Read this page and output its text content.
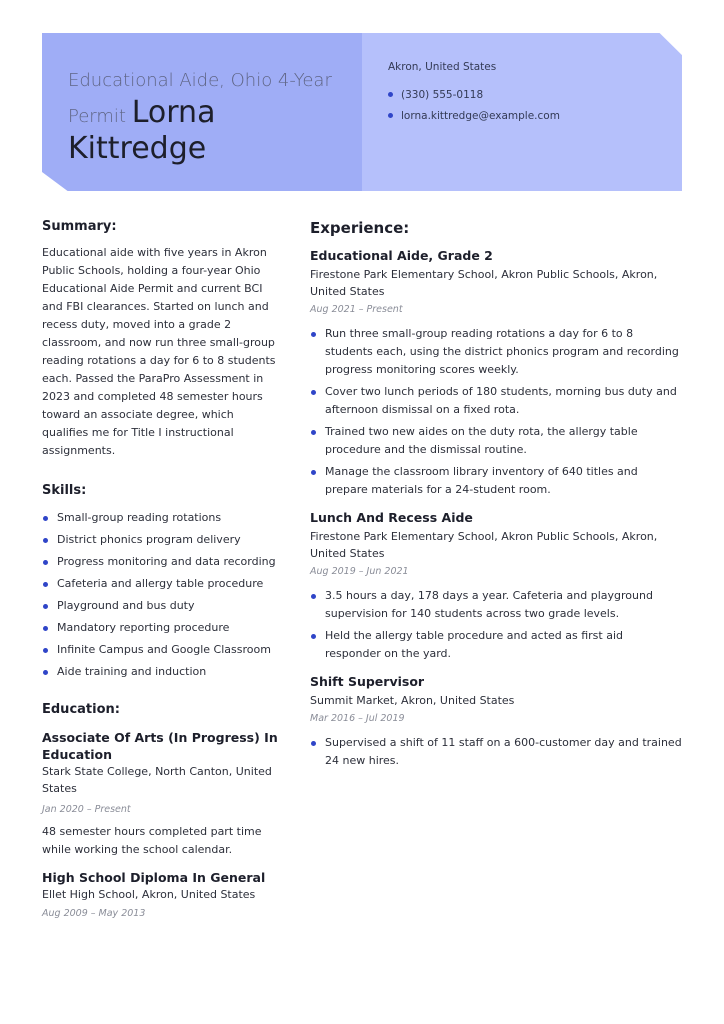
Educational Aide, Ohio 4-Year Permit Lorna Kittredge
Akron, United States
(330) 555-0118
lorna.kittredge@example.com
Summary:

Educational aide with five years in Akron Public Schools, holding a four-year Ohio Educational Aide Permit and current BCI and FBI clearances. Started on lunch and recess duty, moved into a grade 2 classroom, and now run three small-group reading rotations a day for 6 to 8 students each. Passed the ParaPro Assessment in 2023 and completed 48 semester hours toward an associate degree, which qualifies me for Title I instructional assignments.

Skills:
Small-group reading rotations
District phonics program delivery
Progress monitoring and data recording
Cafeteria and allergy table procedure
Playground and bus duty
Mandatory reporting procedure
Infinite Campus and Google Classroom
Aide training and induction
Education:
Associate Of Arts (In Progress) In Education
Stark State College, North Canton, United States
Jan 2020 – Present

48 semester hours completed part time while working the school calendar.

High School Diploma In General
Ellet High School, Akron, United States
Aug 2009 – May 2013
Experience:
Educational Aide, Grade 2
Firestone Park Elementary School, Akron Public Schools, Akron, United States
Aug 2021 – Present
Run three small-group reading rotations a day for 6 to 8 students each, using the district phonics program and recording progress monitoring scores weekly.
Cover two lunch periods of 180 students, morning bus duty and afternoon dismissal on a fixed rota.
Trained two new aides on the duty rota, the allergy table procedure and the dismissal routine.
Manage the classroom library inventory of 640 titles and prepare materials for a 24-student room.
Lunch And Recess Aide
Firestone Park Elementary School, Akron Public Schools, Akron, United States
Aug 2019 – Jun 2021
3.5 hours a day, 178 days a year. Cafeteria and playground supervision for 140 students across two grade levels.
Held the allergy table procedure and acted as first aid responder on the yard.
Shift Supervisor
Summit Market, Akron, United States
Mar 2016 – Jul 2019
Supervised a shift of 11 staff on a 600-customer day and trained 24 new hires.
